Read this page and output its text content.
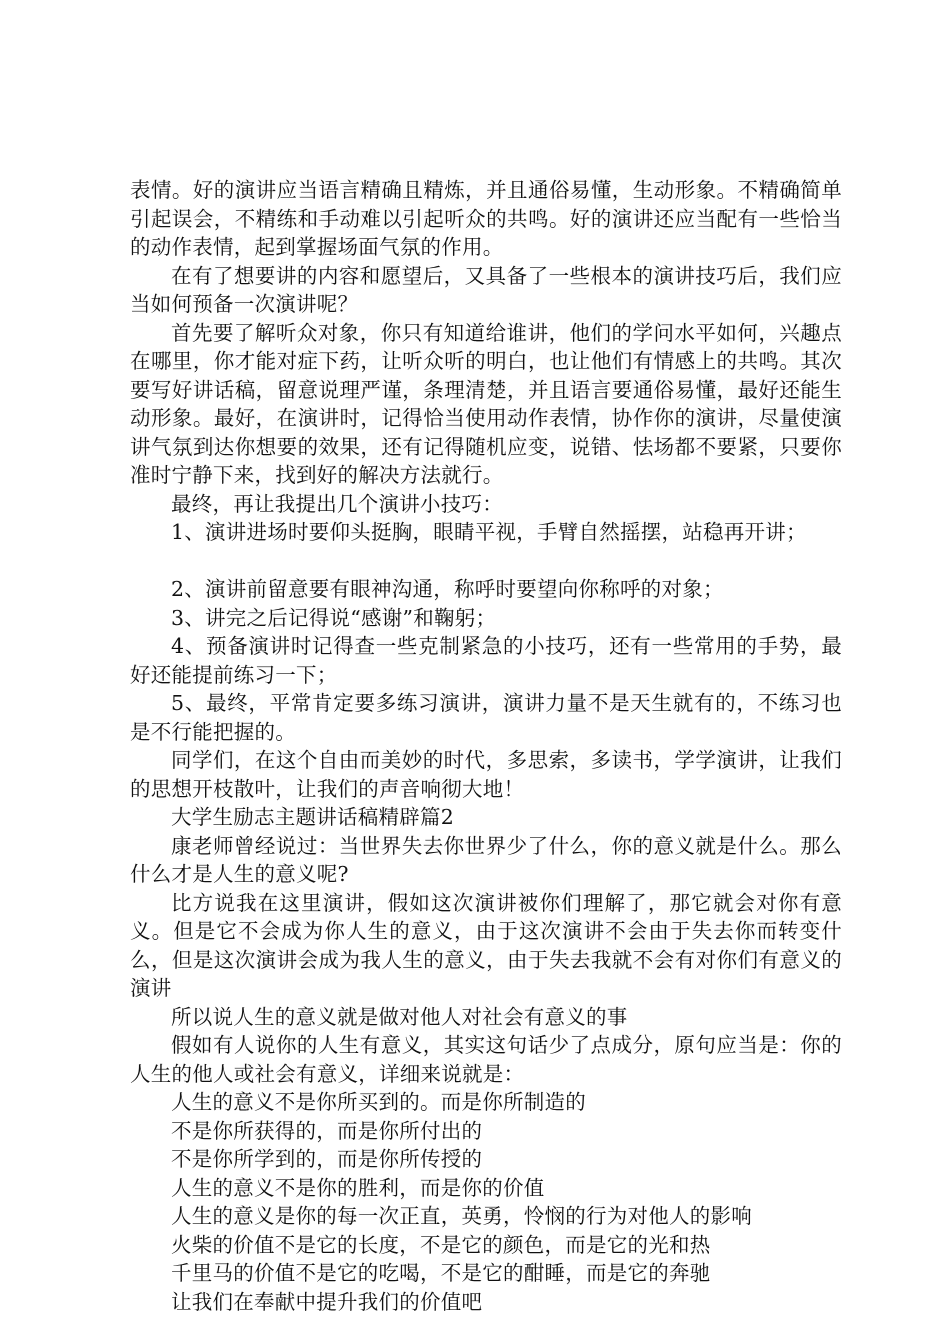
表情。好的演讲应当语言精确且精炼，并且通俗易懂，生动形象。不精确简单引起误会，不精练和手动难以引起听众的共鸣。好的演讲还应当配有一些恰当的动作表情，起到掌握场面气氛的作用。

在有了想要讲的内容和愿望后，又具备了一些根本的演讲技巧后，我们应当如何预备一次演讲呢？

首先要了解听众对象，你只有知道给谁讲，他们的学问水平如何，兴趣点在哪里，你才能对症下药，让听众听的明白，也让他们有情感上的共鸣。其次要写好讲话稿，留意说理严谨，条理清楚，并且语言要通俗易懂，最好还能生动形象。最好，在演讲时，记得恰当使用动作表情，协作你的演讲，尽量使演讲气氛到达你想要的效果，还有记得随机应变，说错、怯场都不要紧，只要你准时宁静下来，找到好的解决方法就行。

最终，再让我提出几个演讲小技巧：

1、演讲进场时要仰头挺胸，眼睛平视，手臂自然摇摆，站稳再开讲；

2、演讲前留意要有眼神沟通，称呼时要望向你称呼的对象；

3、讲完之后记得说“感谢”和鞠躬；

4、预备演讲时记得查一些克制紧急的小技巧，还有一些常用的手势，最好还能提前练习一下；

5、最终，平常肯定要多练习演讲，演讲力量不是天生就有的，不练习也是不行能把握的。

同学们，在这个自由而美妙的时代，多思索，多读书，学学演讲，让我们的思想开枝散叶，让我们的声音响彻大地！

大学生励志主题讲话稿精辟篇2

康老师曾经说过：当世界失去你世界少了什么，你的意义就是什么。那么什么才是人生的意义呢?

比方说我在这里演讲，假如这次演讲被你们理解了，那它就会对你有意义。但是它不会成为你人生的意义，由于这次演讲不会由于失去你而转变什么，但是这次演讲会成为我人生的意义，由于失去我就不会有对你们有意义的演讲

所以说人生的意义就是做对他人对社会有意义的事

假如有人说你的人生有意义，其实这句话少了点成分，原句应当是：你的人生的他人或社会有意义，详细来说就是：

人生的意义不是你所买到的。而是你所制造的

不是你所获得的，而是你所付出的

不是你所学到的，而是你所传授的

人生的意义不是你的胜利，而是你的价值

人生的意义是你的每一次正直，英勇，怜悯的行为对他人的影响

火柴的价值不是它的长度，不是它的颜色，而是它的光和热

千里马的价值不是它的吃喝，不是它的酣睡，而是它的奔驰

让我们在奉献中提升我们的价值吧
